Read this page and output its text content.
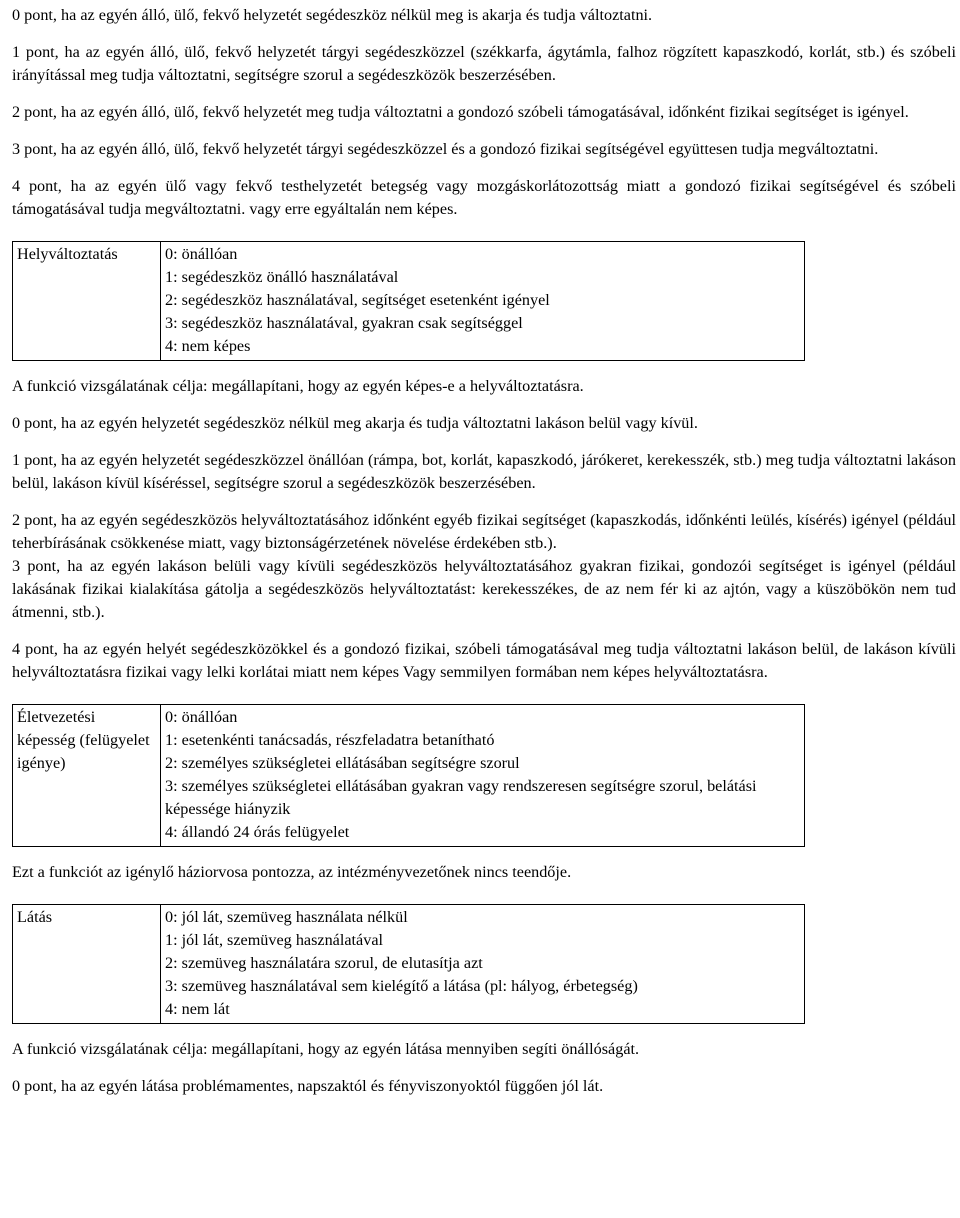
0 pont, ha az egyén álló, ülő, fekvő helyzetét segédeszköz nélkül meg is akarja és tudja változtatni.

1 pont, ha az egyén álló, ülő, fekvő helyzetét tárgyi segédeszközzel (székkarfa, ágytámla, falhoz rögzített kapaszkodó, korlát, stb.) és szóbeli irányítással meg tudja változtatni, segítségre szorul a segédeszközök beszerzésében.

2 pont, ha az egyén álló, ülő, fekvő helyzetét meg tudja változtatni a gondozó szóbeli támogatásával, időnként fizikai segítséget is igényel.

3 pont, ha az egyén álló, ülő, fekvő helyzetét tárgyi segédeszközzel és a gondozó fizikai segítségével együttesen tudja megváltoztatni.

4 pont, ha az egyén ülő vagy fekvő testhelyzetét betegség vagy mozgáskorlátozottság miatt a gondozó fizikai segítségével és szóbeli támogatásával tudja megváltoztatni. vagy erre egyáltalán nem képes.

Helyváltoztatás	0: önállóan
1: segédeszköz önálló használatával
2: segédeszköz használatával, segítséget esetenként igényel
3: segédeszköz használatával, gyakran csak segítséggel
4: nem képes

A funkció vizsgálatának célja: megállapítani, hogy az egyén képes-e a helyváltoztatásra.

0 pont, ha az egyén helyzetét segédeszköz nélkül meg akarja és tudja változtatni lakáson belül vagy kívül.

1 pont, ha az egyén helyzetét segédeszközzel önállóan (rámpa, bot, korlát, kapaszkodó, járókeret, kerekesszék, stb.) meg tudja változtatni lakáson belül, lakáson kívül kíséréssel, segítségre szorul a segédeszközök beszerzésében.

2 pont, ha az egyén segédeszközös helyváltoztatásához időnként egyéb fizikai segítséget (kapaszkodás, időnkénti leülés, kísérés) igényel (például teherbírásának csökkenése miatt, vagy biztonságérzetének növelése érdekében stb.).

3 pont, ha az egyén lakáson belüli vagy kívüli segédeszközös helyváltoztatásához gyakran fizikai, gondozói segítséget is igényel (például lakásának fizikai kialakítása gátolja a segédeszközös helyváltoztatást: kerekesszékes, de az nem fér ki az ajtón, vagy a küszöbökön nem tud átmenni, stb.).

4 pont, ha az egyén helyét segédeszközökkel és a gondozó fizikai, szóbeli támogatásával meg tudja változtatni lakáson belül, de lakáson kívüli helyváltoztatásra fizikai vagy lelki korlátai miatt nem képes Vagy semmilyen formában nem képes helyváltoztatásra.

Életvezetési képesség (felügyelet igénye)	
0: önállóan
1: esetenkénti tanácsadás, részfeladatra betanítható
2: személyes szükségletei ellátásában segítségre szorul
3: személyes szükségletei ellátásában gyakran vagy rendszeresen segítségre szorul, belátási képessége hiányzik
4: állandó 24 órás felügyelet

Ezt a funkciót az igénylő háziorvosa pontozza, az intézményvezetőnek nincs teendője.

Látás	0: jól lát, szemüveg használata nélkül
1: jól lát, szemüveg használatával
2: szemüveg használatára szorul, de elutasítja azt
3: szemüveg használatával sem kielégítő a látása (pl: hályog, érbetegség)
4: nem lát

A funkció vizsgálatának célja: megállapítani, hogy az egyén látása mennyiben segíti önállóságát.

0 pont, ha az egyén látása problémamentes, napszaktól és fényviszonyoktól függően jól lát.
